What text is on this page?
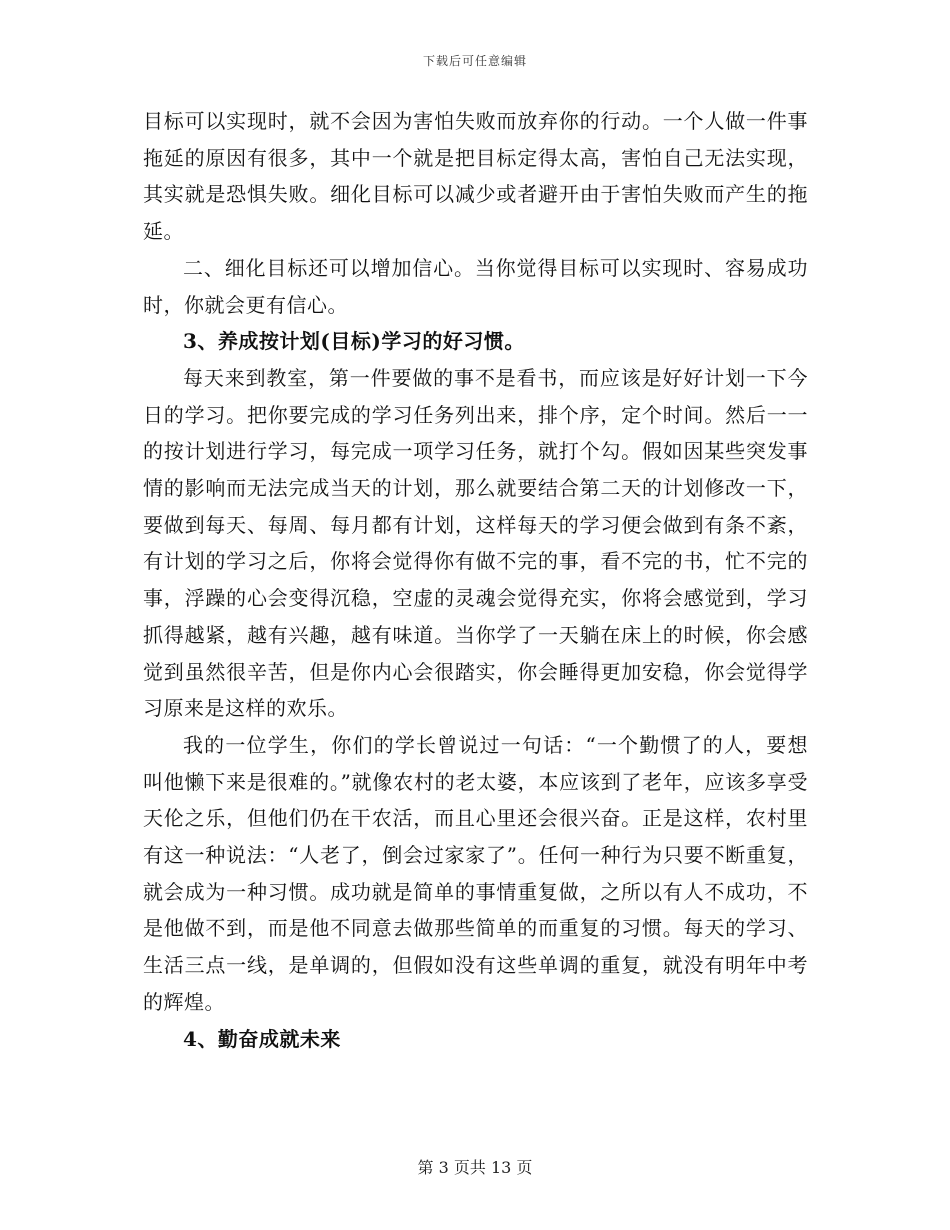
下载后可任意编辑

目标可以实现时，就不会因为害怕失败而放弃你的行动。一个人做一件事拖延的原因有很多，其中一个就是把目标定得太高，害怕自己无法实现，其实就是恐惧失败。细化目标可以减少或者避开由于害怕失败而产生的拖延。

二、细化目标还可以增加信心。当你觉得目标可以实现时、容易成功时，你就会更有信心。

3、养成按计划(目标)学习的好习惯。

每天来到教室，第一件要做的事不是看书，而应该是好好计划一下今日的学习。把你要完成的学习任务列出来，排个序，定个时间。然后一一的按计划进行学习，每完成一项学习任务，就打个勾。假如因某些突发事情的影响而无法完成当天的计划，那么就要结合第二天的计划修改一下，要做到每天、每周、每月都有计划，这样每天的学习便会做到有条不紊，有计划的学习之后，你将会觉得你有做不完的事，看不完的书，忙不完的事，浮躁的心会变得沉稳，空虚的灵魂会觉得充实，你将会感觉到，学习抓得越紧，越有兴趣，越有味道。当你学了一天躺在床上的时候，你会感觉到虽然很辛苦，但是你内心会很踏实，你会睡得更加安稳，你会觉得学习原来是这样的欢乐。

我的一位学生，你们的学长曾说过一句话：“一个勤惯了的人，要想叫他懒下来是很难的。”就像农村的老太婆，本应该到了老年，应该多享受天伦之乐，但他们仍在干农活，而且心里还会很兴奋。正是这样，农村里有这一种说法：“人老了，倒会过家家了”。任何一种行为只要不断重复，就会成为一种习惯。成功就是简单的事情重复做，之所以有人不成功，不是他做不到，而是他不同意去做那些简单的而重复的习惯。每天的学习、生活三点一线，是单调的，但假如没有这些单调的重复，就没有明年中考的辉煌。

4、勤奋成就未来

第 3 页共 13 页
